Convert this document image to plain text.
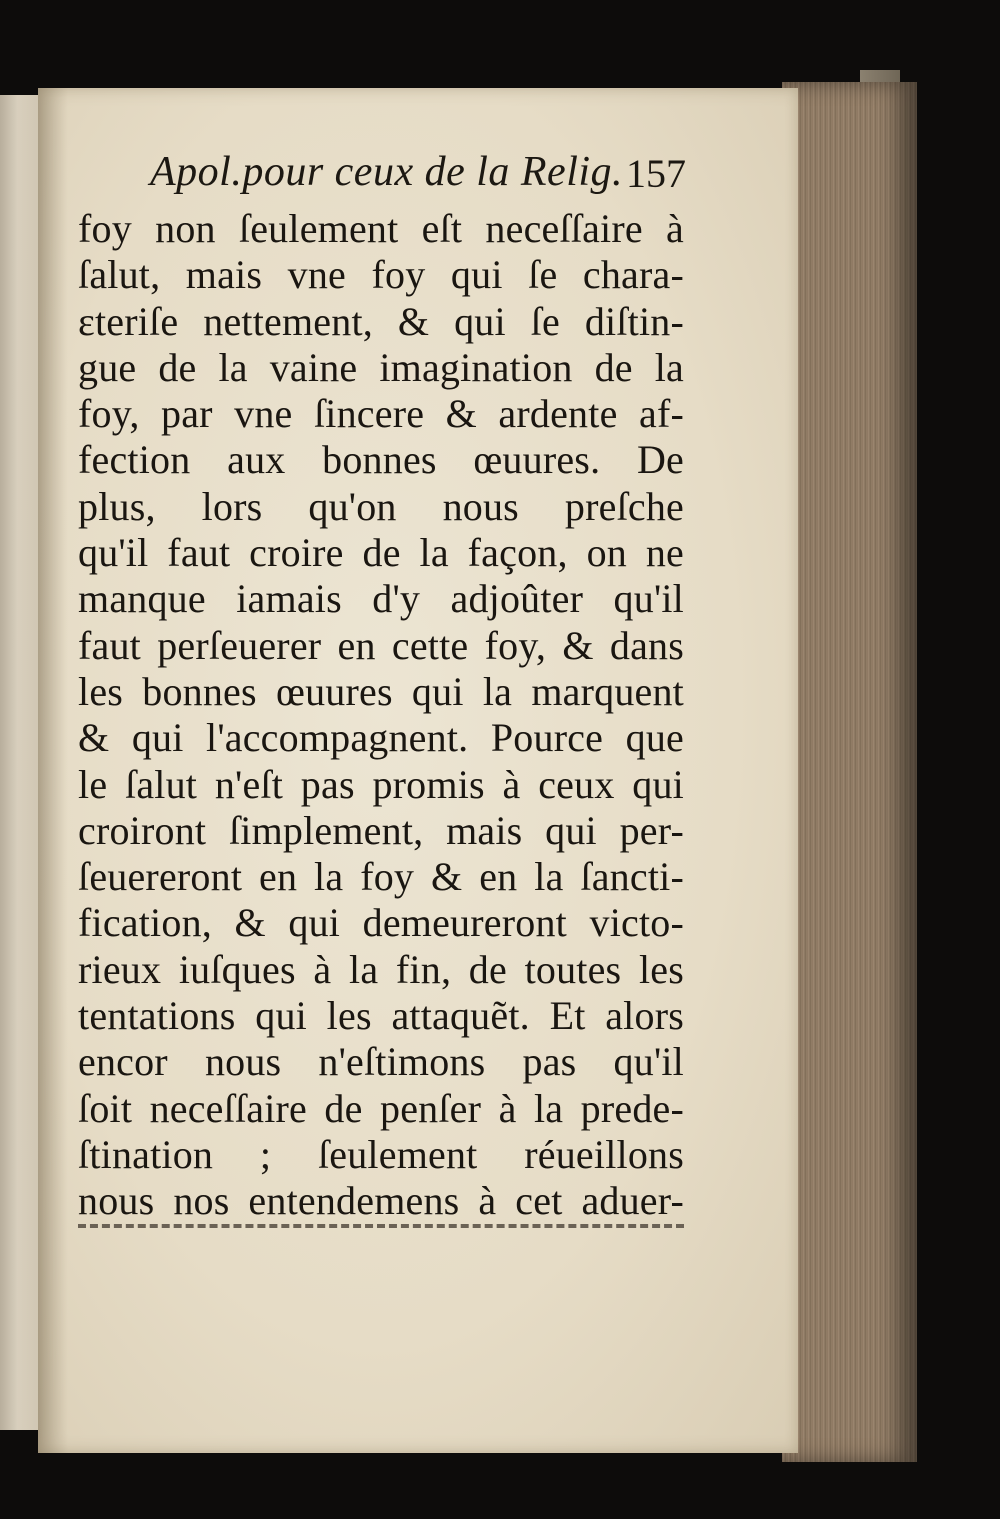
Apol.pour ceux de la Relig. 157
foy non ſeulement eſt neceſſaire à
ſalut, mais vne foy qui ſe chara-
ɛteriſe nettement, & qui ſe diſtin-
gue de la vaine imagination de la
foy, par vne ſincere & ardente af-
fection aux bonnes œuures. De
plus, lors qu'on nous preſche
qu'il faut croire de la façon, on ne
manque iamais d'y adjoûter qu'il
faut perſeuerer en cette foy, & dans
les bonnes œuures qui la marquent
& qui l'accompagnent. Pource que
le ſalut n'eſt pas promis à ceux qui
croiront ſimplement, mais qui per-
ſeuereront en la foy & en la ſancti-
fication, & qui demeureront victo-
rieux iuſques à la fin, de toutes les
tentations qui les attaquẽt. Et alors
encor nous n'eſtimons pas qu'il
ſoit neceſſaire de penſer à la prede-
ſtination ; ſeulement réueillons
nous nos entendemens à cet aduer-
